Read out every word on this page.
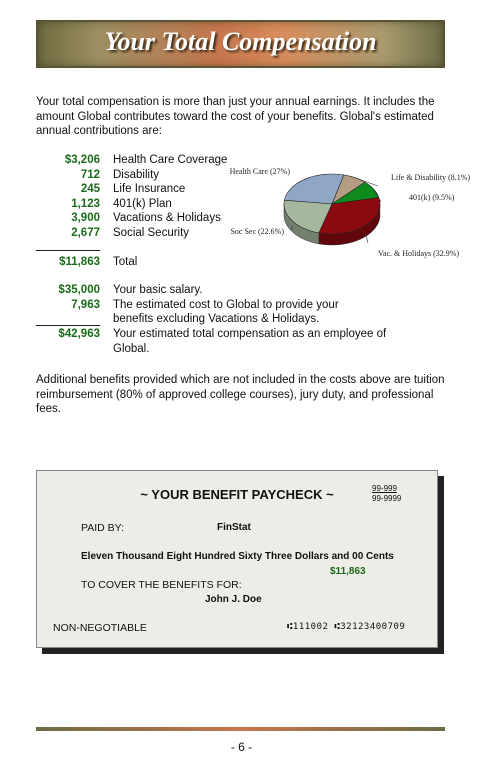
Your Total Compensation
Your total compensation is more than just your annual earnings. It includes the amount Global contributes toward the cost of your benefits. Global's estimated annual contributions are:
$3,206 Health Care Coverage
712 Disability
245 Life Insurance
1,123 401(k) Plan
3,900 Vacations & Holidays
2,677 Social Security
$11,863 Total
$35,000 Your basic salary.
7,963 The estimated cost to Global to provide your
benefits excluding Vacations & Holidays.
$42,963 Your estimated total compensation as an employee of
Global.
Health Care (27%)
Life & Disability (8.1%)
401(k) (9.5%)
Vac. & Holidays (32.9%)
Soc Sec (22.6%)
Additional benefits provided which are not included in the costs above are tuition reimbursement (80% of approved college courses), jury duty, and professional fees.
~ YOUR BENEFIT PAYCHECK ~	99-999
99-9999
PAID BY:	FinStat
Eleven Thousand Eight Hundred Sixty Three Dollars and 00 Cents
$11,863
TO COVER THE BENEFITS FOR:
John J. Doe
NON-NEGOTIABLE	⑆111002 ⑆32123400709
- 6 -
